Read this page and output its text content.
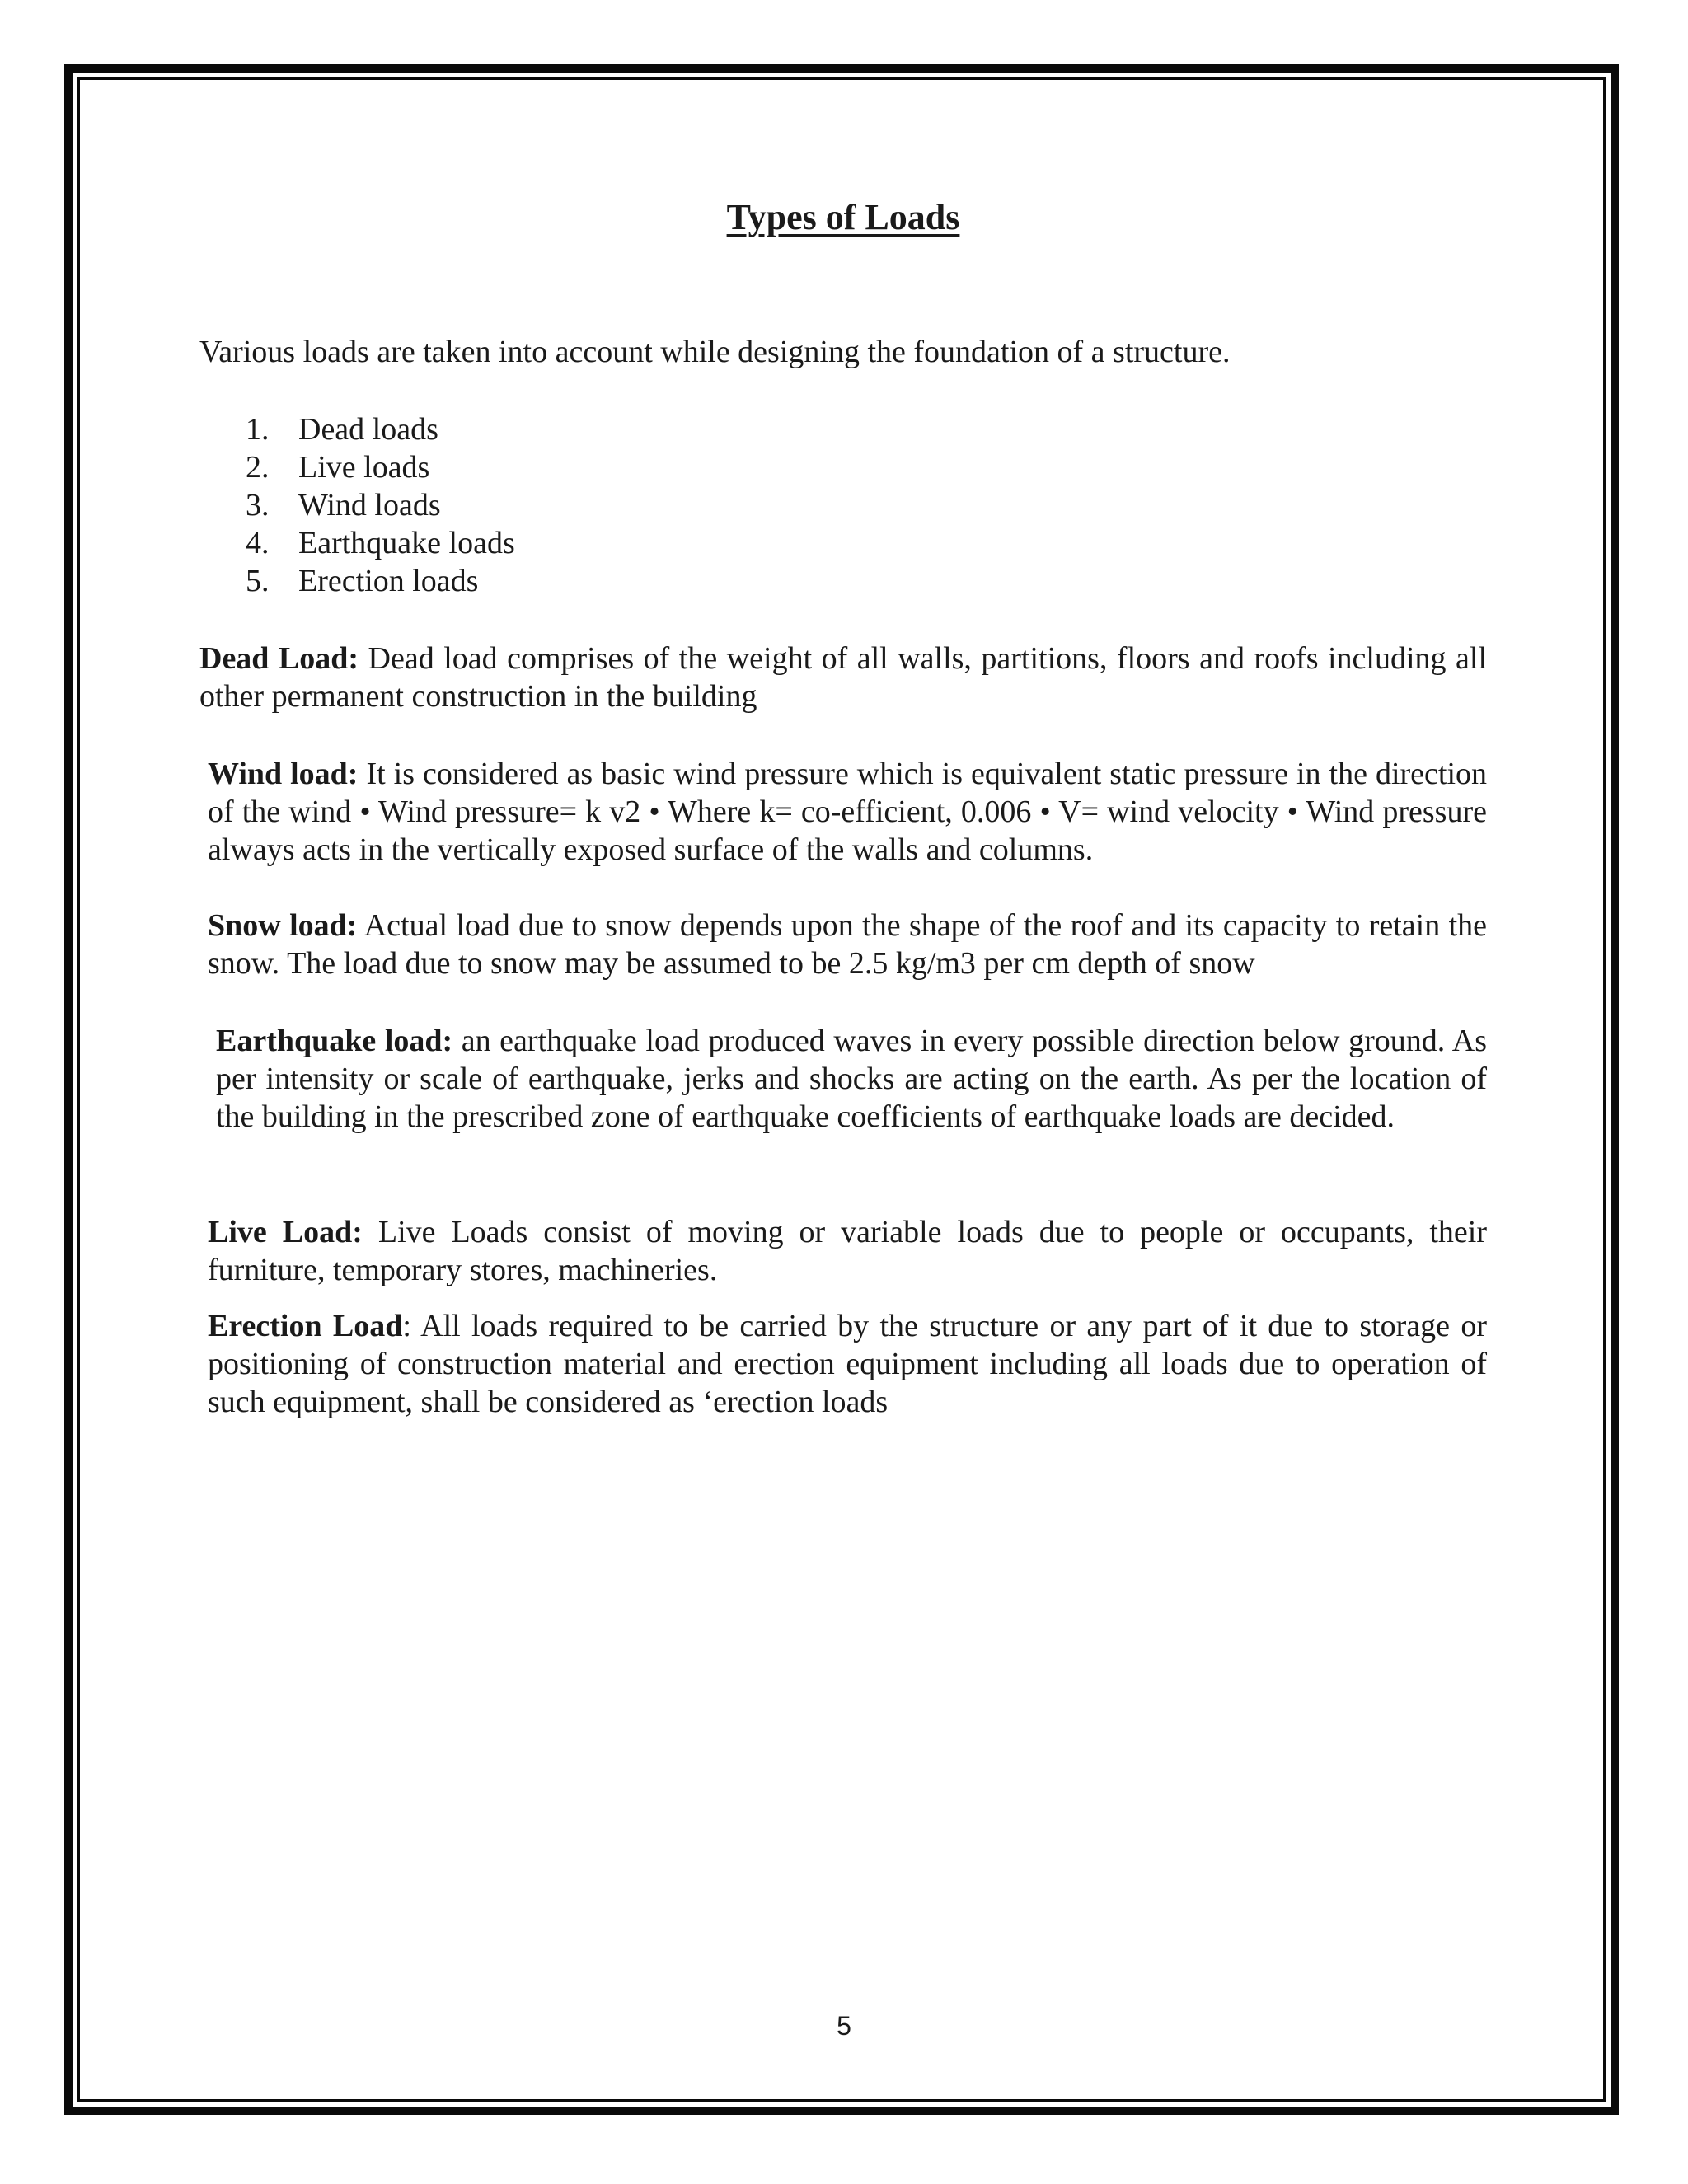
Types of Loads

Various loads are taken into account while designing the foundation of a structure.

1. Dead loads
2. Live loads
3. Wind loads
4. Earthquake loads
5. Erection loads

Dead Load: Dead load comprises of the weight of all walls, partitions, floors and roofs including all other permanent construction in the building

Wind load: It is considered as basic wind pressure which is equivalent static pressure in the direction of the wind • Wind pressure= k v2 • Where k= co-efficient, 0.006 • V= wind velocity • Wind pressure always acts in the vertically exposed surface of the walls and columns.

Snow load: Actual load due to snow depends upon the shape of the roof and its capacity to retain the snow. The load due to snow may be assumed to be 2.5 kg/m3 per cm depth of snow

Earthquake load: an earthquake load produced waves in every possible direction below ground. As per intensity or scale of earthquake, jerks and shocks are acting on the earth. As per the location of the building in the prescribed zone of earthquake coefficients of earthquake loads are decided.

Live Load: Live Loads consist of moving or variable loads due to people or occupants, their furniture, temporary stores, machineries.

Erection Load: All loads required to be carried by the structure or any part of it due to storage or positioning of construction material and erection equipment including all loads due to operation of such equipment, shall be considered as ‘erection loads

5
